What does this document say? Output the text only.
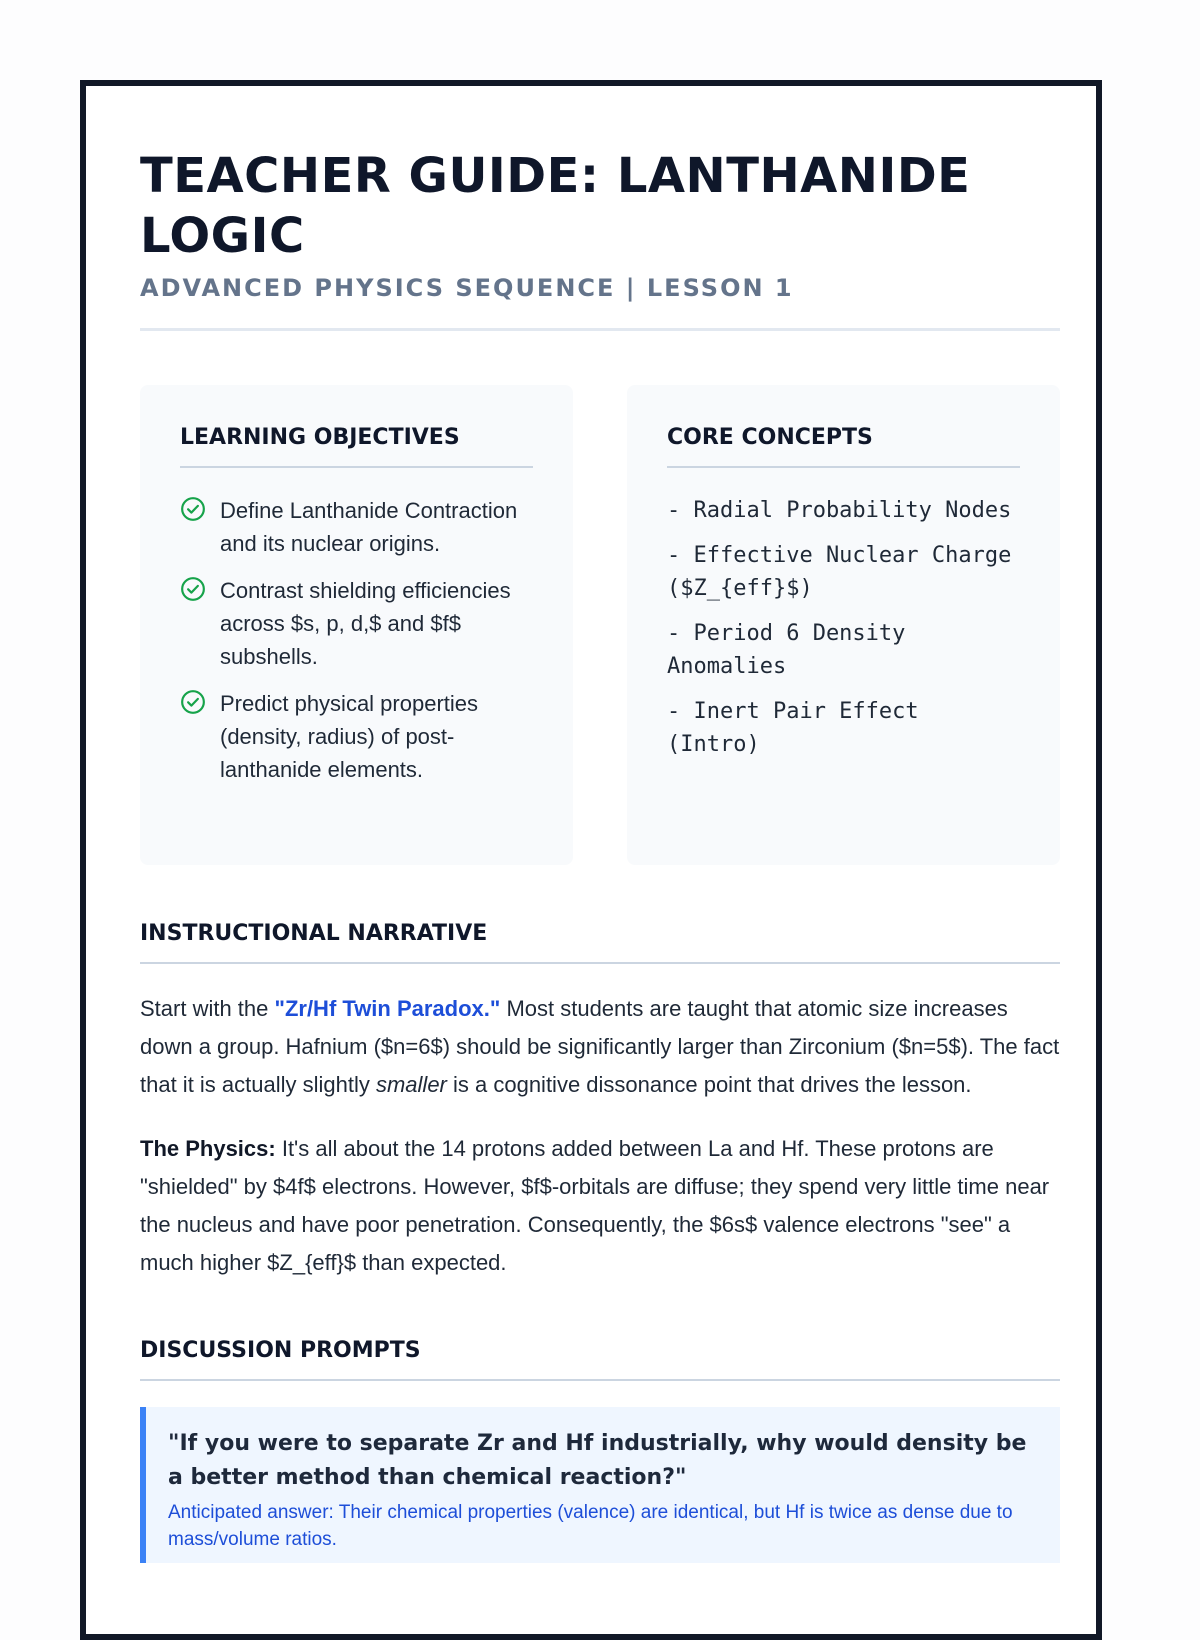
TEACHER GUIDE: LANTHANIDE LOGIC
ADVANCED PHYSICS SEQUENCE | LESSON 1
LEARNING OBJECTIVES
Define Lanthanide Contraction and its nuclear origins.
Contrast shielding efficiencies across $s, p, d,$ and $f$ subshells.
Predict physical properties (density, radius) of post-lanthanide elements.
CORE CONCEPTS
- Radial Probability Nodes
- Effective Nuclear Charge ($Z_{eff}$)
- Period 6 Density Anomalies
- Inert Pair Effect (Intro)
INSTRUCTIONAL NARRATIVE

Start with the "Zr/Hf Twin Paradox." Most students are taught that atomic size increases down a group. Hafnium ($n=6$) should be significantly larger than Zirconium ($n=5$). The fact that it is actually slightly smaller is a cognitive dissonance point that drives the lesson.

The Physics: It's all about the 14 protons added between La and Hf. These protons are "shielded" by $4f$ electrons. However, $f$-orbitals are diffuse; they spend very little time near the nucleus and have poor penetration. Consequently, the $6s$ valence electrons "see" a much higher $Z_{eff}$ than expected.

DISCUSSION PROMPTS
"If you were to separate Zr and Hf industrially, why would density be a better method than chemical reaction?"
Anticipated answer: Their chemical properties (valence) are identical, but Hf is twice as dense due to mass/volume ratios.
